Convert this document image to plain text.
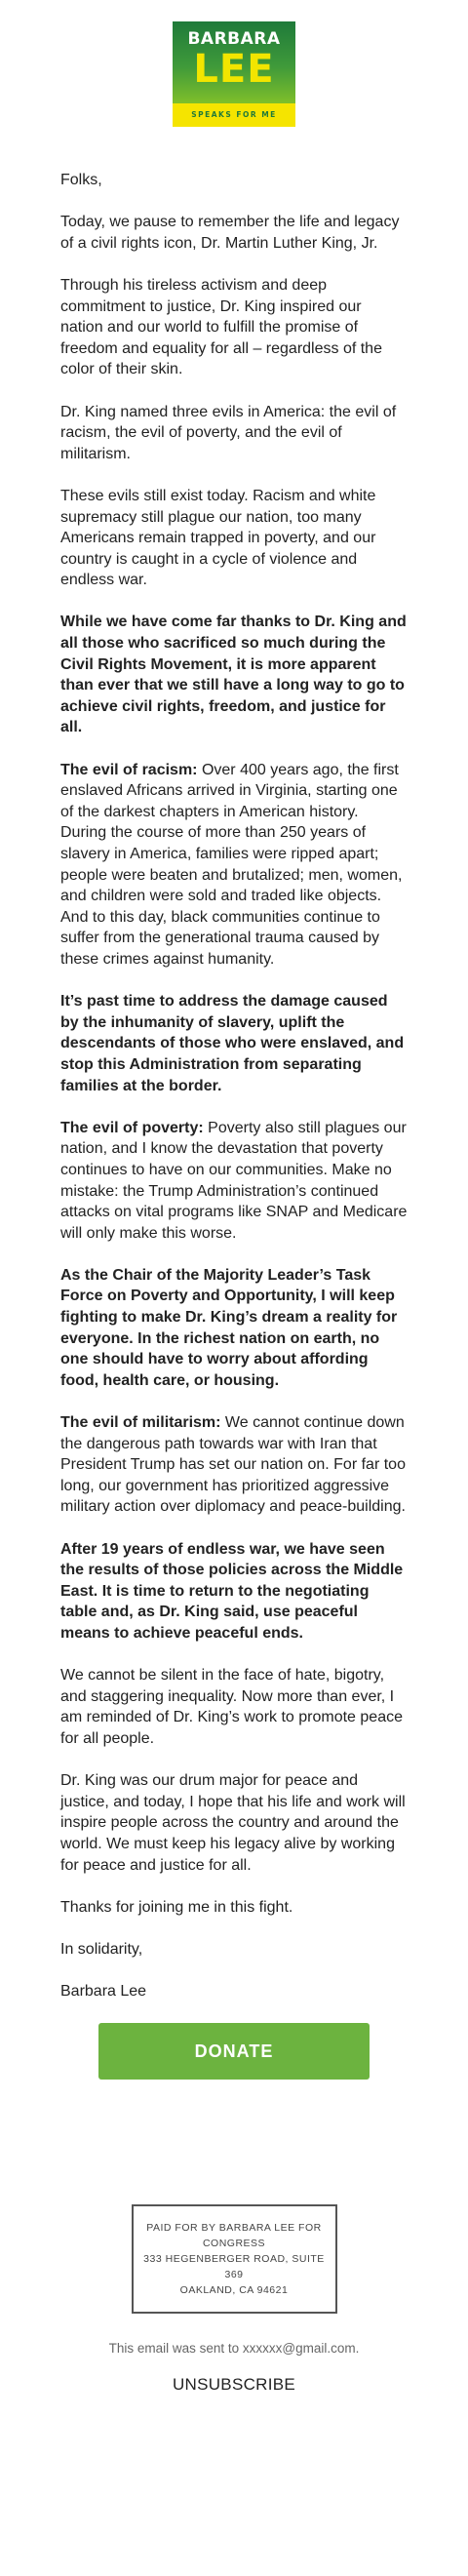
BARBARA
LEE
SPEAKS FOR ME

Folks,

Today, we pause to remember the life and legacy of a civil rights icon, Dr. Martin Luther King, Jr.

Through his tireless activism and deep commitment to justice, Dr. King inspired our nation and our world to fulfill the promise of freedom and equality for all – regardless of the color of their skin.

Dr. King named three evils in America: the evil of racism, the evil of poverty, and the evil of militarism.

These evils still exist today. Racism and white supremacy still plague our nation, too many Americans remain trapped in poverty, and our country is caught in a cycle of violence and endless war.

While we have come far thanks to Dr. King and all those who sacrificed so much during the Civil Rights Movement, it is more apparent than ever that we still have a long way to go to achieve civil rights, freedom, and justice for all.

The evil of racism: Over 400 years ago, the first enslaved Africans arrived in Virginia, starting one of the darkest chapters in American history. During the course of more than 250 years of slavery in America, families were ripped apart; people were beaten and brutalized; men, women, and children were sold and traded like objects. And to this day, black communities continue to suffer from the generational trauma caused by these crimes against humanity.

It’s past time to address the damage caused by the inhumanity of slavery, uplift the descendants of those who were enslaved, and stop this Administration from separating families at the border.

The evil of poverty: Poverty also still plagues our nation, and I know the devastation that poverty continues to have on our communities. Make no mistake: the Trump Administration’s continued attacks on vital programs like SNAP and Medicare will only make this worse.

As the Chair of the Majority Leader’s Task Force on Poverty and Opportunity, I will keep fighting to make Dr. King’s dream a reality for everyone. In the richest nation on earth, no one should have to worry about affording food, health care, or housing.

The evil of militarism: We cannot continue down the dangerous path towards war with Iran that President Trump has set our nation on. For far too long, our government has prioritized aggressive military action over diplomacy and peace-building.

After 19 years of endless war, we have seen the results of those policies across the Middle East. It is time to return to the negotiating table and, as Dr. King said, use peaceful means to achieve peaceful ends.

We cannot be silent in the face of hate, bigotry, and staggering inequality. Now more than ever, I am reminded of Dr. King’s work to promote peace for all people.

Dr. King was our drum major for peace and justice, and today, I hope that his life and work will inspire people across the country and around the world. We must keep his legacy alive by working for peace and justice for all.

Thanks for joining me in this fight.

In solidarity,

Barbara Lee

DONATE
PAID FOR BY BARBARA LEE FOR CONGRESS
333 HEGENBERGER ROAD, SUITE 369
OAKLAND, CA 94621
This email was sent to xxxxxx@gmail.com.
UNSUBSCRIBE
